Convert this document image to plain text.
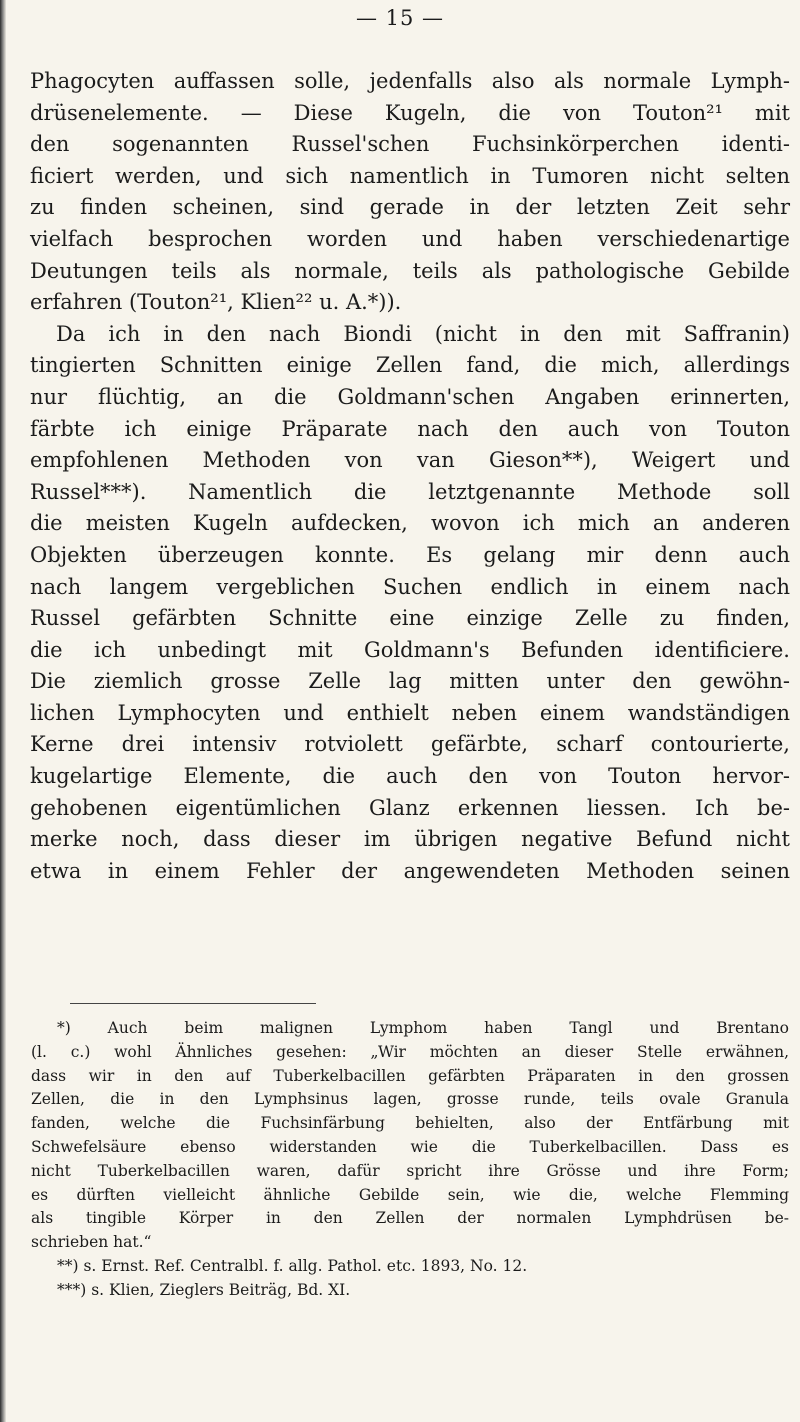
— 15 —

Phagocyten auffassen solle, jedenfalls also als normale Lymph-
drüsenelemente. — Diese Kugeln, die von Touton²¹ mit
den sogenannten Russel'schen Fuchsinkörperchen identi-
ficiert werden, und sich namentlich in Tumoren nicht selten
zu finden scheinen, sind gerade in der letzten Zeit sehr
vielfach besprochen worden und haben verschiedenartige
Deutungen teils als normale, teils als pathologische Gebilde
erfahren (Touton²¹, Klien²² u. A.*)).
Da ich in den nach Biondi (nicht in den mit Saffranin)
tingierten Schnitten einige Zellen fand, die mich, allerdings
nur flüchtig, an die Goldmann'schen Angaben erinnerten,
färbte ich einige Präparate nach den auch von Touton
empfohlenen Methoden von van Gieson**), Weigert und
Russel***). Namentlich die letztgenannte Methode soll
die meisten Kugeln aufdecken, wovon ich mich an anderen
Objekten überzeugen konnte. Es gelang mir denn auch
nach langem vergeblichen Suchen endlich in einem nach
Russel gefärbten Schnitte eine einzige Zelle zu finden,
die ich unbedingt mit Goldmann's Befunden identificiere.
Die ziemlich grosse Zelle lag mitten unter den gewöhn-
lichen Lymphocyten und enthielt neben einem wandständigen
Kerne drei intensiv rotviolett gefärbte, scharf contourierte,
kugelartige Elemente, die auch den von Touton hervor-
gehobenen eigentümlichen Glanz erkennen liessen. Ich be-
merke noch, dass dieser im übrigen negative Befund nicht
etwa in einem Fehler der angewendeten Methoden seinen
*) Auch beim malignen Lymphom haben Tangl und Brentano
(l. c.) wohl Ähnliches gesehen: „Wir möchten an dieser Stelle erwähnen,
dass wir in den auf Tuberkelbacillen gefärbten Präparaten in den grossen
Zellen, die in den Lymphsinus lagen, grosse runde, teils ovale Granula
fanden, welche die Fuchsinfärbung behielten, also der Entfärbung mit
Schwefelsäure ebenso widerstanden wie die Tuberkelbacillen. Dass es
nicht Tuberkelbacillen waren, dafür spricht ihre Grösse und ihre Form;
es dürften vielleicht ähnliche Gebilde sein, wie die, welche Flemming
als tingible Körper in den Zellen der normalen Lymphdrüsen be-
schrieben hat.“
**) s. Ernst. Ref. Centralbl. f. allg. Pathol. etc. 1893, No. 12.
***) s. Klien, Zieglers Beiträg, Bd. XI.
